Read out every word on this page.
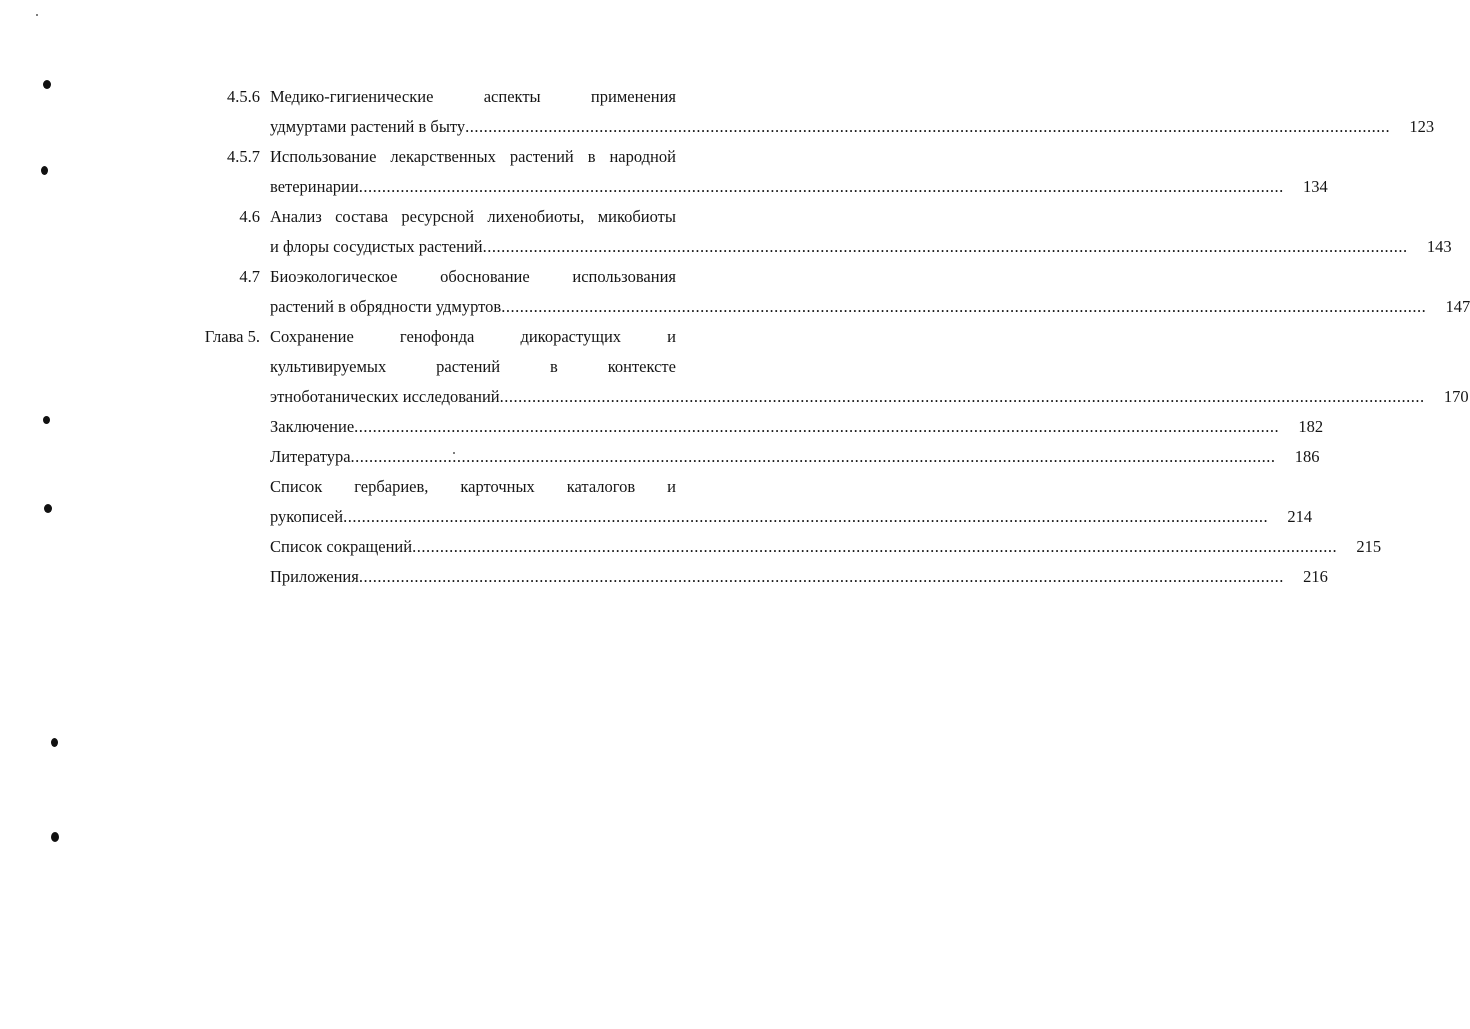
4.5.6 Медико-гигиенические	аспекты	применения
удмуртами растений в быту ........................................................................................................................................................................................................	123
4.5.7 Использование лекарственных растений в народной
ветеринарии ........................................................................................................................................................................................................	134
4.6 Анализ состава ресурсной лихенобиоты, микобиоты
и флоры сосудистых растений ........................................................................................................................................................................................................	143
4.7 Биоэкологическое	обоснование	использования
растений в обрядности удмуртов ........................................................................................................................................................................................................	147
Глава 5. Сохранение	генофонда	дикорастущих	и
культивируемых	растений	в	контексте
этноботанических исследований ........................................................................................................................................................................................................	170
Заключение ........................................................................................................................................................................................................	182
Литература ........................................................................................................................................................................................................	186
Список гербариев, карточных каталогов и
рукописей ........................................................................................................................................................................................................	214
Список сокращений ........................................................................................................................................................................................................	215
Приложения ........................................................................................................................................................................................................	216
